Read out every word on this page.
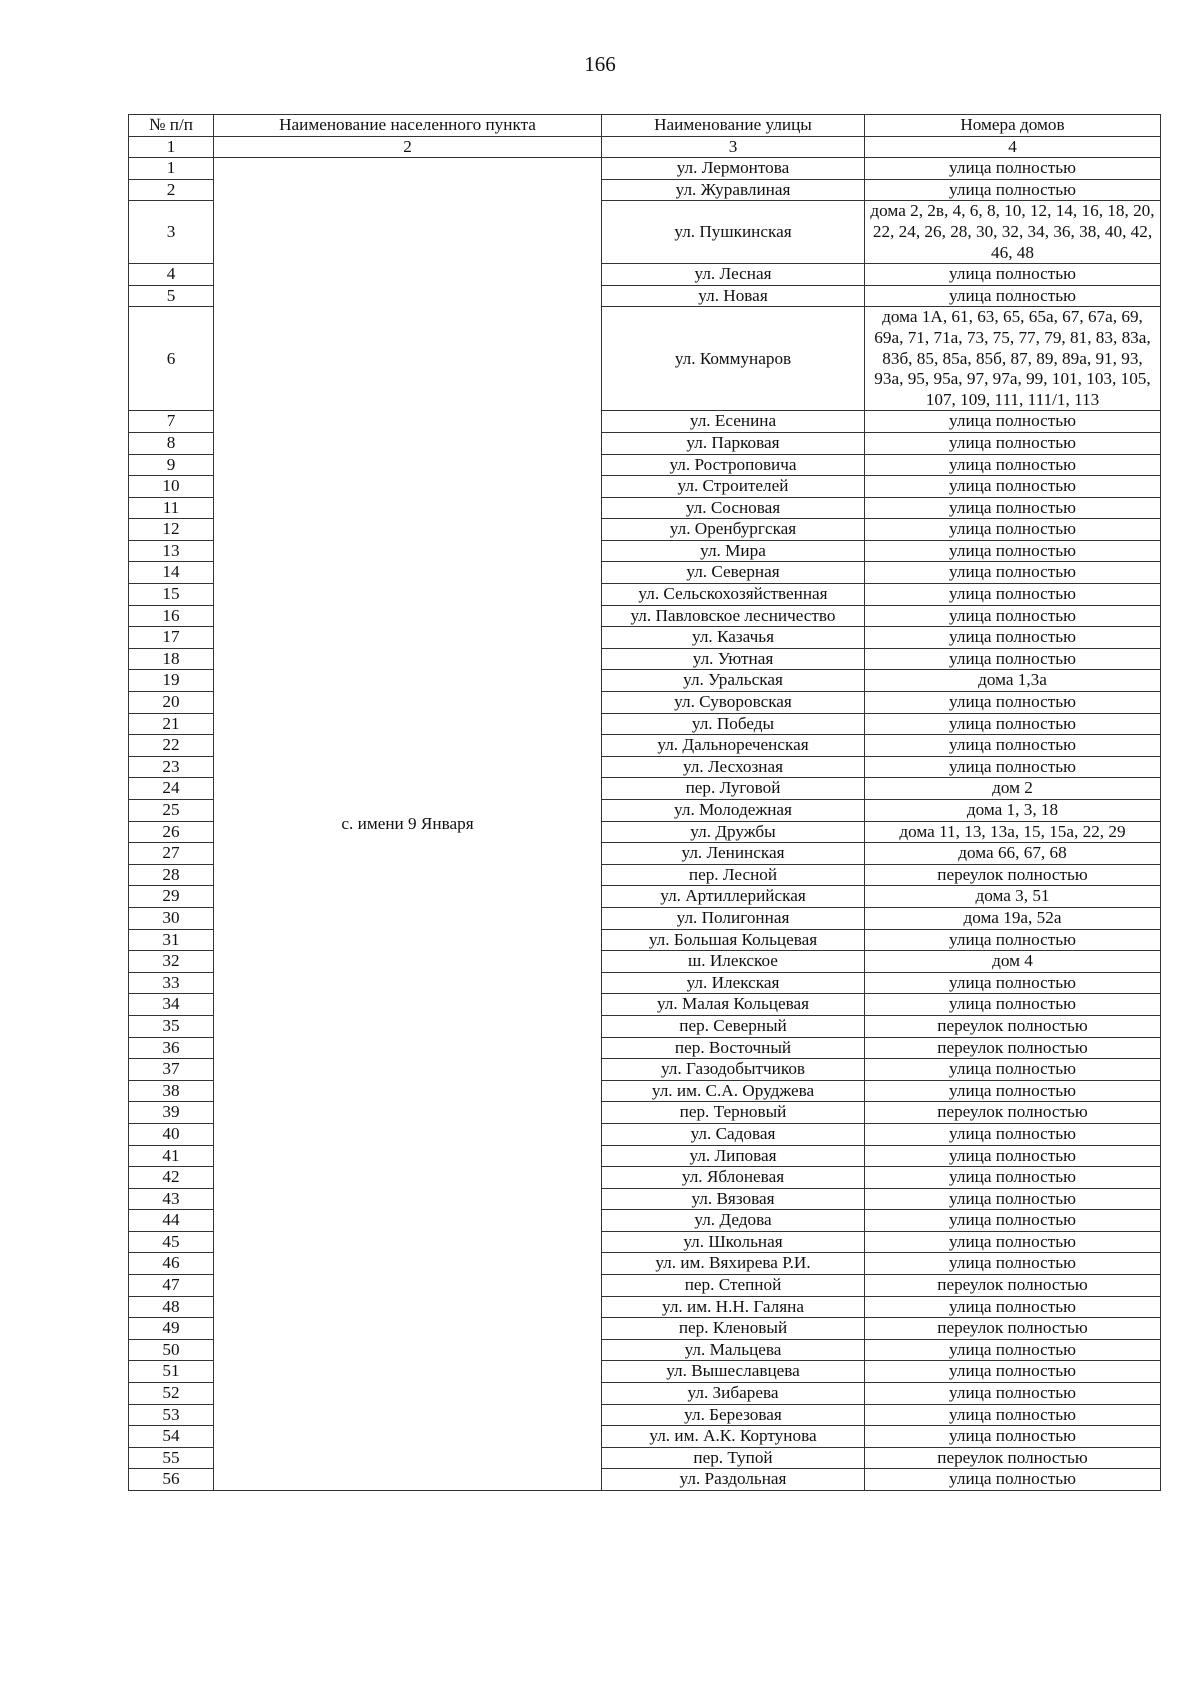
166
№ п/п	Наименование населенного пункта	Наименование улицы	Номера домов
1	2	3	4
1	с. имени 9 Января	ул. Лермонтова	улица полностью
2		ул. Журавлиная	улица полностью
3		ул. Пушкинская	дома 2, 2в, 4, 6, 8, 10, 12, 14, 16, 18, 20, 22, 24, 26, 28, 30, 32, 34, 36, 38, 40, 42, 46, 48
4		ул. Лесная	улица полностью
5		ул. Новая	улица полностью
6		ул. Коммунаров	дома 1А, 61, 63, 65, 65а, 67, 67а, 69, 69а, 71, 71а, 73, 75, 77, 79, 81, 83, 83а, 83б, 85, 85а, 85б, 87, 89, 89а, 91, 93, 93а, 95, 95а, 97, 97а, 99, 101, 103, 105, 107, 109, 111, 111/1, 113
7		ул. Есенина	улица полностью
8		ул. Парковая	улица полностью
9		ул. Ростроповича	улица полностью
10		ул. Строителей	улица полностью
11		ул. Сосновая	улица полностью
12		ул. Оренбургская	улица полностью
13		ул. Мира	улица полностью
14		ул. Северная	улица полностью
15		ул. Сельскохозяйственная	улица полностью
16		ул. Павловское лесничество	улица полностью
17		ул. Казачья	улица полностью
18		ул. Уютная	улица полностью
19		ул. Уральская	дома 1,3а
20		ул. Суворовская	улица полностью
21		ул. Победы	улица полностью
22		ул. Дальнореченская	улица полностью
23		ул. Лесхозная	улица полностью
24		пер. Луговой	дом 2
25		ул. Молодежная	дома 1, 3, 18
26		ул. Дружбы	дома 11, 13, 13а, 15, 15а, 22, 29
27		ул. Ленинская	дома 66, 67, 68
28		пер. Лесной	переулок полностью
29		ул. Артиллерийская	дома 3, 51
30		ул. Полигонная	дома 19а, 52а
31		ул. Большая Кольцевая	улица полностью
32		ш. Илекское	дом 4
33		ул. Илекская	улица полностью
34		ул. Малая Кольцевая	улица полностью
35		пер. Северный	переулок полностью
36		пер. Восточный	переулок полностью
37		ул. Газодобытчиков	улица полностью
38		ул. им. С.А. Оруджева	улица полностью
39		пер. Терновый	переулок полностью
40		ул. Садовая	улица полностью
41		ул. Липовая	улица полностью
42		ул. Яблоневая	улица полностью
43		ул. Вязовая	улица полностью
44		ул. Дедова	улица полностью
45		ул. Школьная	улица полностью
46		ул. им. Вяхирева Р.И.	улица полностью
47		пер. Степной	переулок полностью
48		ул. им. Н.Н. Галяна	улица полностью
49		пер. Кленовый	переулок полностью
50		ул. Мальцева	улица полностью
51		ул. Вышеславцева	улица полностью
52		ул. Зибарева	улица полностью
53		ул. Березовая	улица полностью
54		ул. им. А.К. Кортунова	улица полностью
55		пер. Тупой	переулок полностью
56		ул. Раздольная	улица полностью
